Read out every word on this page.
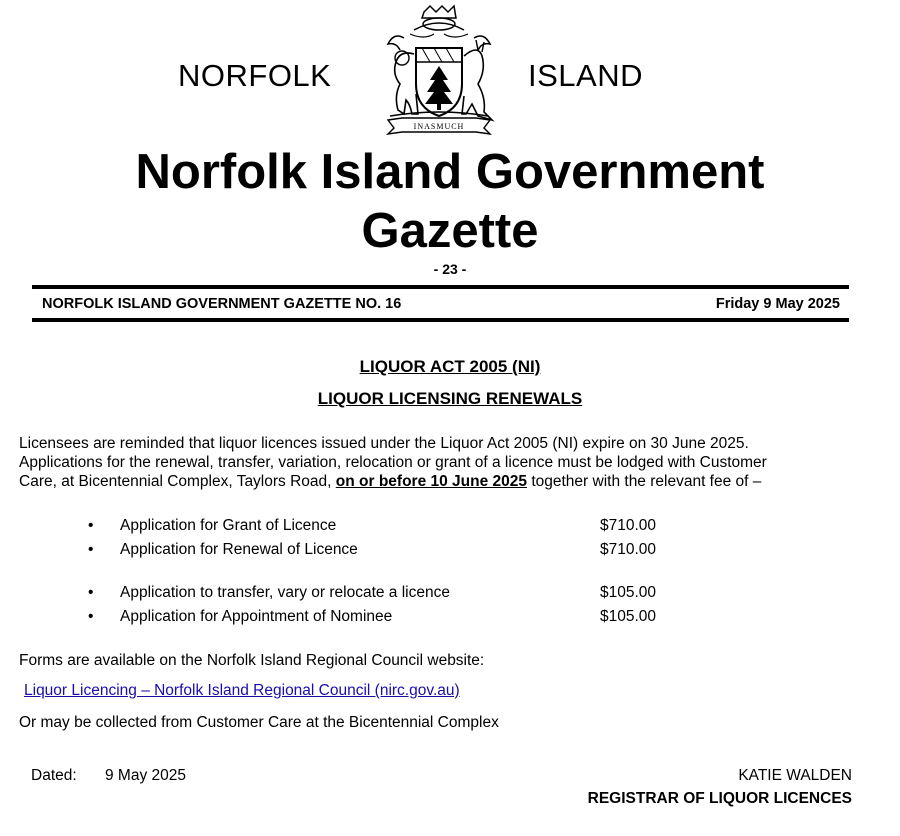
NORFOLK	ISLAND
INASMUCH
Norfolk Island Government
Gazette
- 23 -
NORFOLK ISLAND GOVERNMENT GAZETTE NO. 16	Friday 9 May 2025
LIQUOR ACT 2005 (NI)
LIQUOR LICENSING RENEWALS
Licensees are reminded that liquor licences issued under the Liquor Act 2005 (NI) expire on 30 June 2025.
Applications for the renewal, transfer, variation, relocation or grant of a licence must be lodged with Customer
Care, at Bicentennial Complex, Taylors Road, on or before 10 June 2025 together with the relevant fee of –
• Application for Grant of Licence	$710.00
• Application for Renewal of Licence	$710.00
• Application to transfer, vary or relocate a licence	$105.00
• Application for Appointment of Nominee	$105.00
Forms are available on the Norfolk Island Regional Council website:
Liquor Licencing – Norfolk Island Regional Council (nirc.gov.au)
Or may be collected from Customer Care at the Bicentennial Complex
Dated: 9 May 2025	KATIE WALDEN
REGISTRAR OF LIQUOR LICENCES
